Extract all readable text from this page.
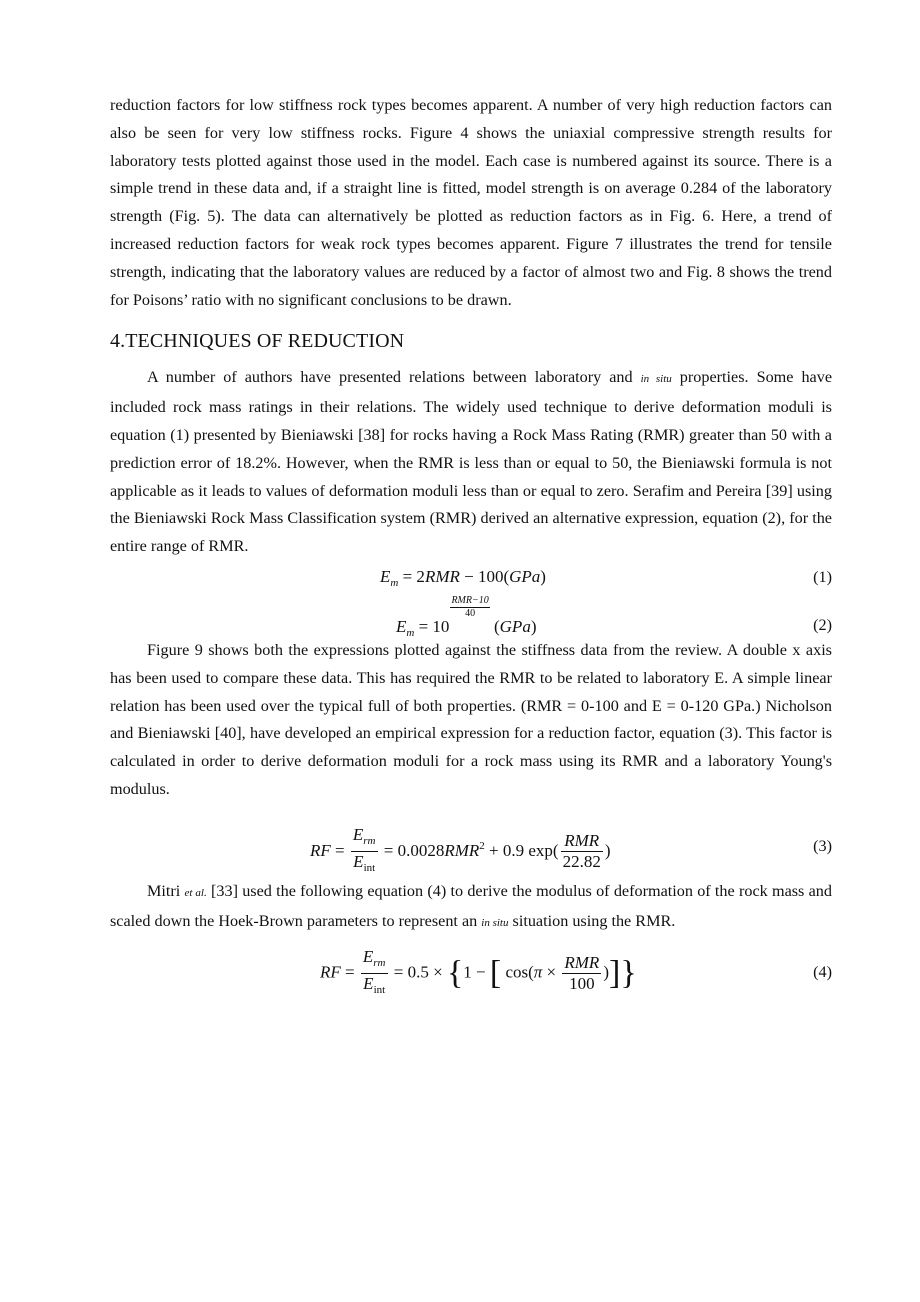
reduction factors for low stiffness rock types becomes apparent. A number of very high reduction factors can also be seen for very low stiffness rocks. Figure 4 shows the uniaxial compressive strength results for laboratory tests plotted against those used in the model. Each case is numbered against its source. There is a simple trend in these data and, if a straight line is fitted, model strength is on average 0.284 of the laboratory strength (Fig. 5). The data can alternatively be plotted as reduction factors as in Fig. 6. Here, a trend of increased reduction factors for weak rock types becomes apparent. Figure 7 illustrates the trend for tensile strength, indicating that the laboratory values are reduced by a factor of almost two and Fig. 8 shows the trend for Poisons’ ratio with no significant conclusions to be drawn.

4.TECHNIQUES OF REDUCTION

A number of authors have presented relations between laboratory and in situ properties. Some have included rock mass ratings in their relations. The widely used technique to derive deformation moduli is equation (1) presented by Bieniawski [38] for rocks having a Rock Mass Rating (RMR) greater than 50 with a prediction error of 18.2%. However, when the RMR is less than or equal to 50, the Bieniawski formula is not applicable as it leads to values of deformation moduli less than or equal to zero. Serafim and Pereira [39] using the Bieniawski Rock Mass Classification system (RMR) derived an alternative expression, equation (2), for the entire range of RMR.

$E_m = 2RMR - 100(GPa)$	(1)
$E_m = 10$
RMR−10
40
(GPa)	(2)

Figure 9 shows both the expressions plotted against the stiffness data from the review. A double x axis has been used to compare these data. This has required the RMR to be related to laboratory E. A simple linear relation has been used over the typical full of both properties. (RMR = 0-100 and E = 0-120 GPa.) Nicholson and Bieniawski [40], have developed an empirical expression for a reduction factor, equation (3). This factor is calculated in order to derive deformation moduli for a rock mass using its RMR and a laboratory Young's modulus.

RF = $\frac{E_{rm}}{E_{int}} = 0.0028RMR^2 + 0.9$ $\exp( \frac{\text{RMR}}{22.82}$ )	(3)

Mitri et al. [33] used the following equation (4) to derive the modulus of deformation of the rock mass and scaled down the Hoek-Brown parameters to represent an in situ situation using the RMR.

RF = $\frac{E_{rm}}{E_{int}} = 0.5 \times \{1$ − [ $\cos(\pi \times \frac{\text{RMR}}{100}$ )]}	(4)
